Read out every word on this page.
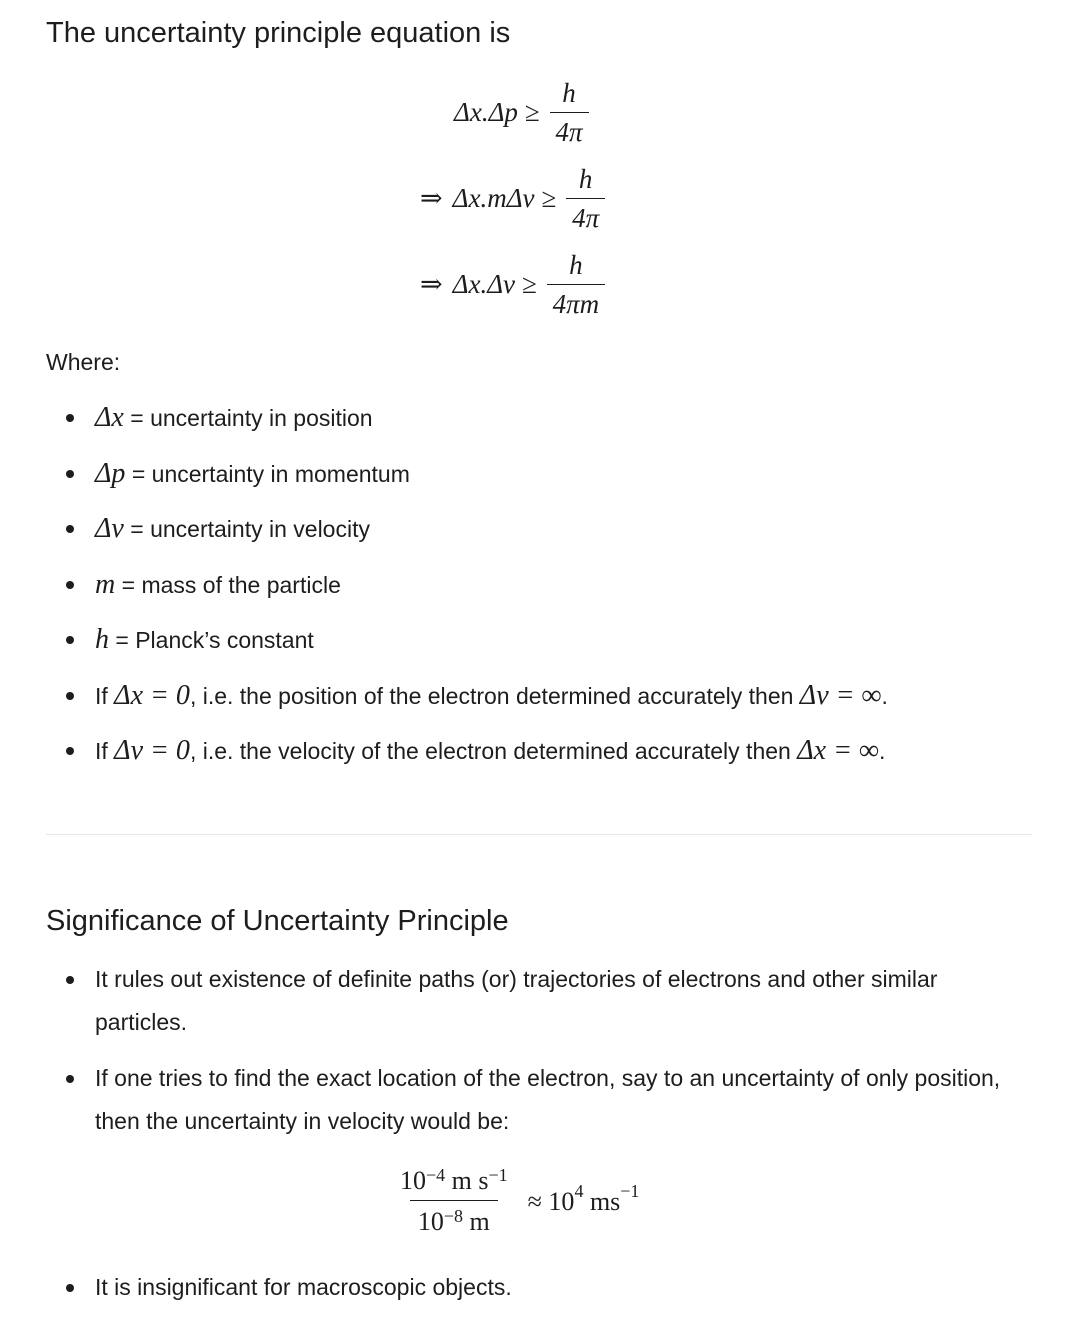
The uncertainty principle equation is
$\Delta x.\Delta p \ge \frac{h}{4\pi}$
⇒ $\Delta x.m\Delta v \ge \frac{h}{4\pi}$
⇒ $\Delta x.\Delta v \ge \frac{h}{4\pi m}$
Where:
Δx = uncertainty in position
Δp = uncertainty in momentum
Δv = uncertainty in velocity
m = mass of the particle
h = Planck’s constant
If Δx = 0, i.e. the position of the electron determined accurately then Δv = ∞.
If Δv = 0, i.e. the velocity of the electron determined accurately then Δx = ∞.
Significance of Uncertainty Principle
It rules out existence of definite paths (or) trajectories of electrons and other similar particles.
If one tries to find the exact location of the electron, say to an uncertainty of only position, then the uncertainty in velocity would be:
It is insignificant for macroscopic objects.
$\frac{10^{-4} m s^{-1}}{10^{-8} m} \approx 10^4$ $ms^{-1}$
